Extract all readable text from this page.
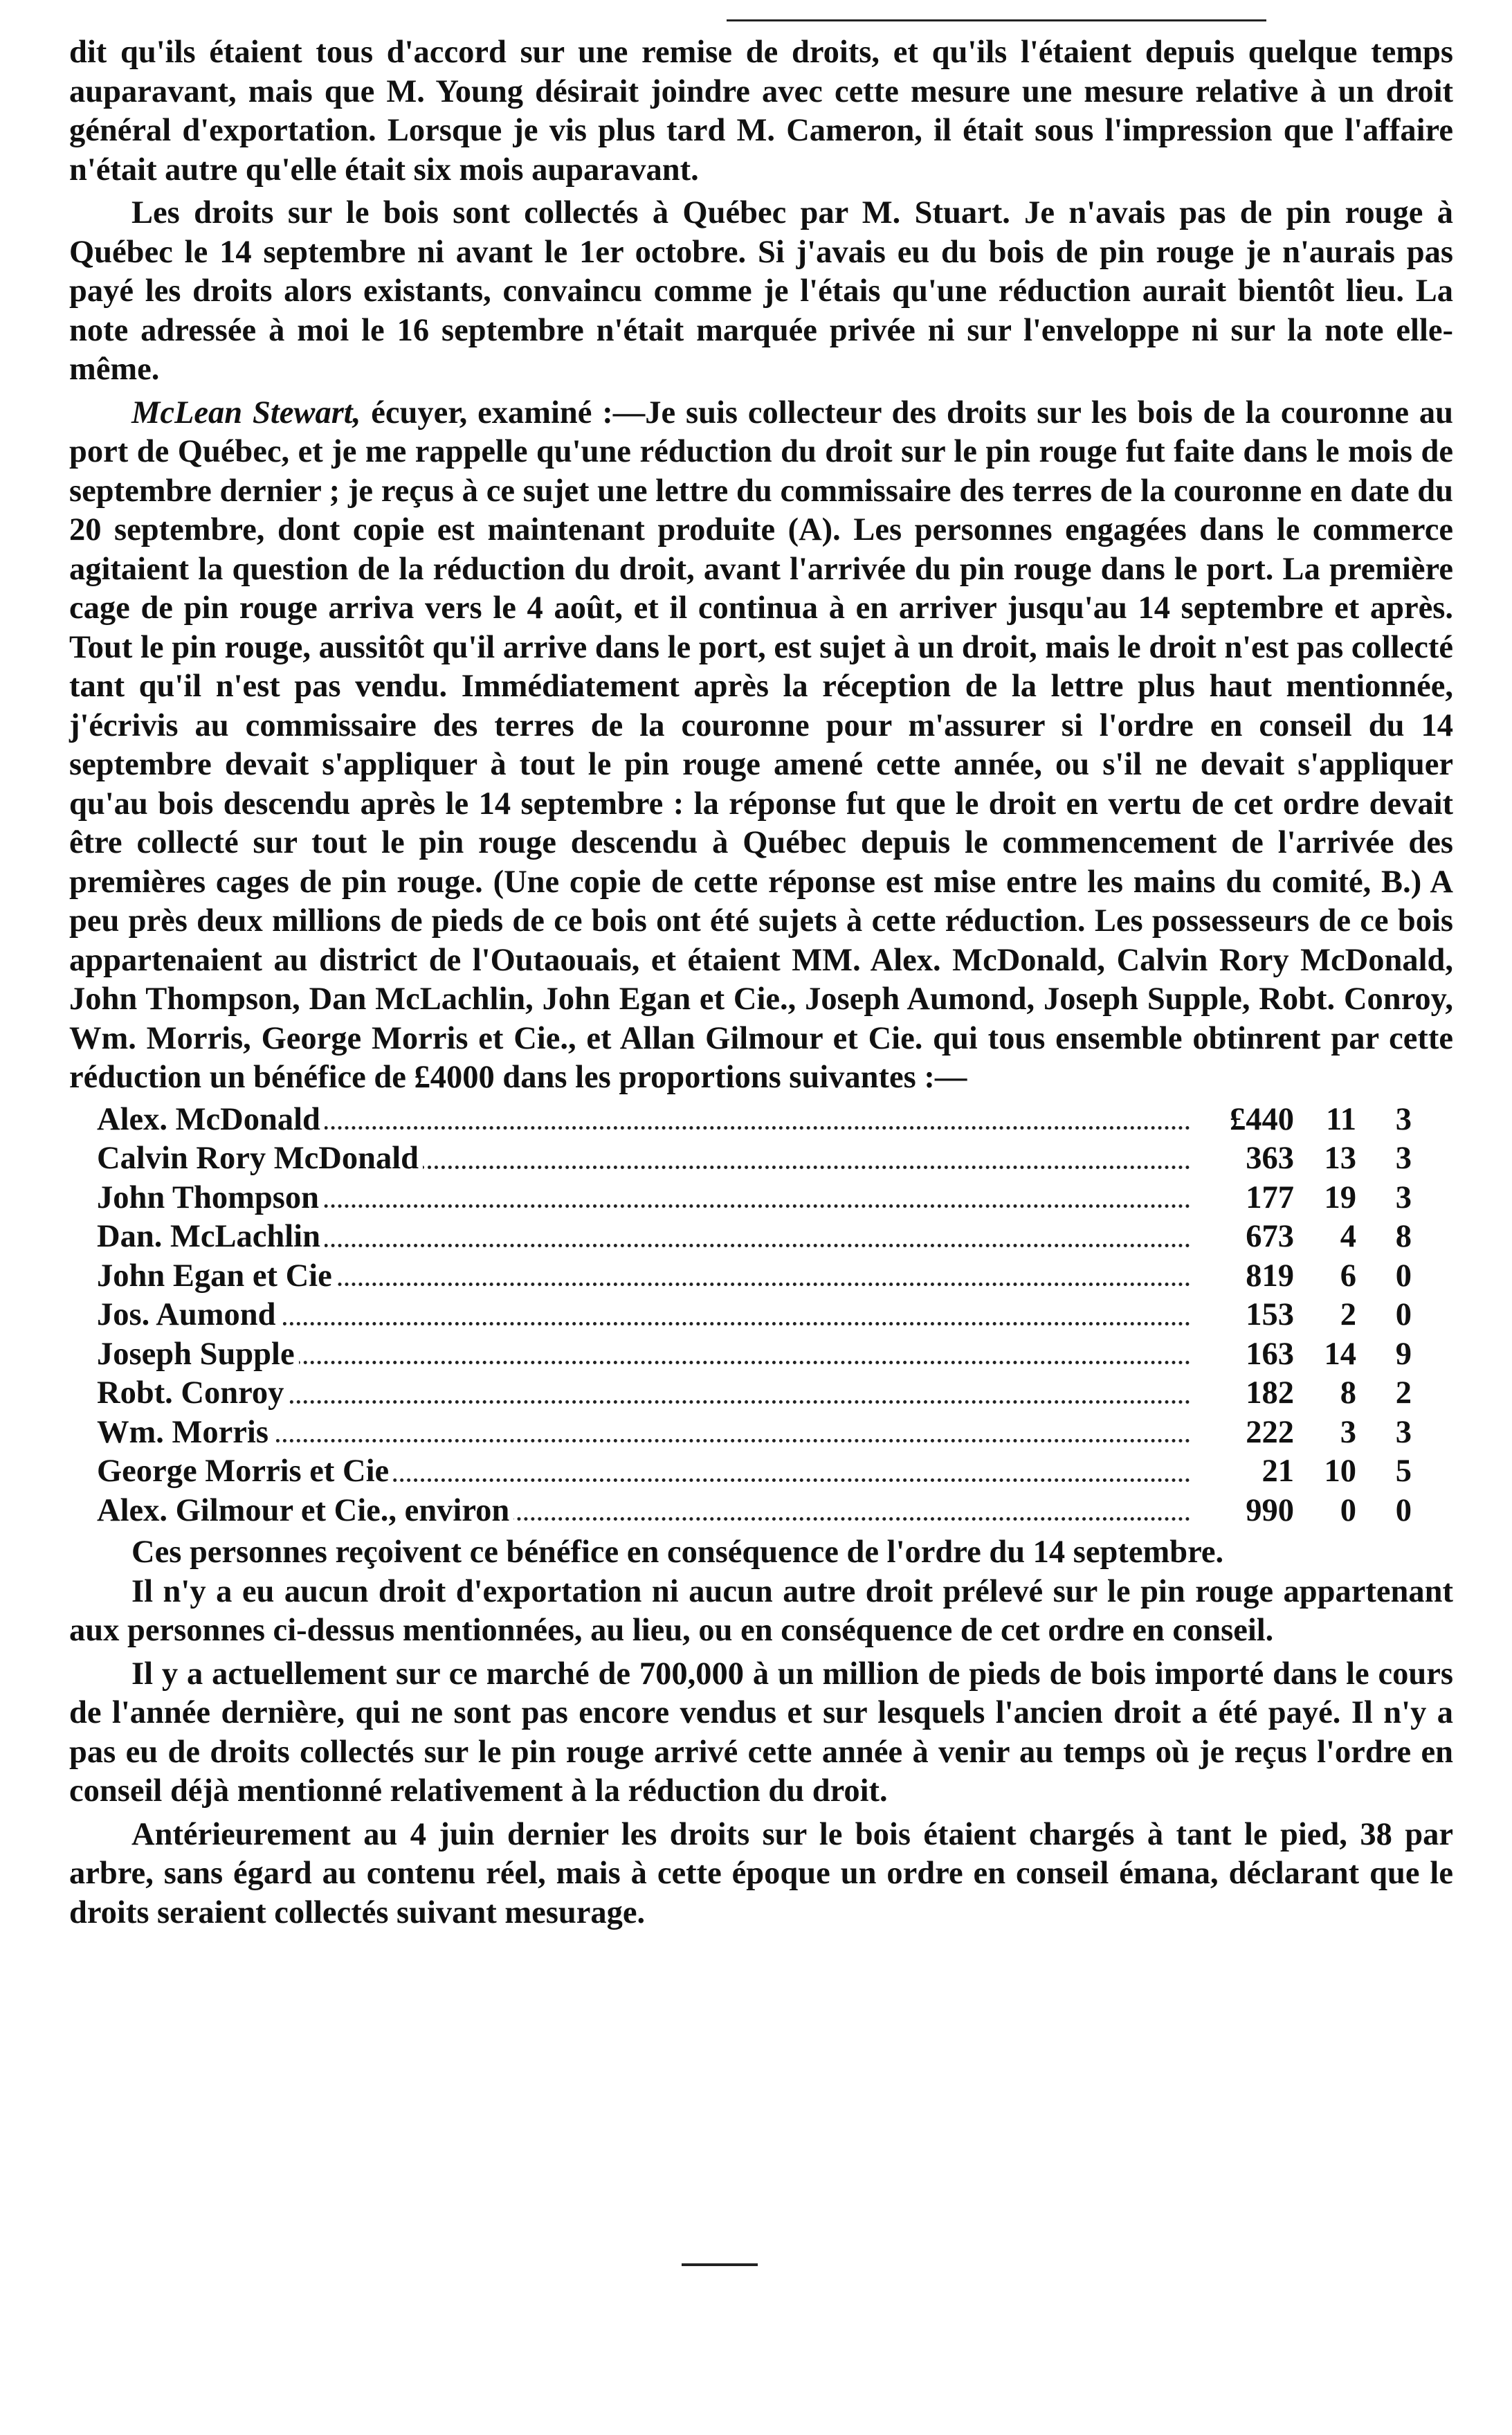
dit qu'ils étaient tous d'accord sur une remise de droits, et qu'ils l'étaient depuis quelque temps auparavant, mais que M. Young désirait joindre avec cette mesure une mesure relative à un droit général d'exportation. Lorsque je vis plus tard M. Cameron, il était sous l'impression que l'affaire n'était autre qu'elle était six mois auparavant.

Les droits sur le bois sont collectés à Québec par M. Stuart. Je n'avais pas de pin rouge à Québec le 14 septembre ni avant le 1er octobre. Si j'avais eu du bois de pin rouge je n'aurais pas payé les droits alors existants, convaincu comme je l'étais qu'une réduction aurait bientôt lieu. La note adressée à moi le 16 septembre n'était marquée privée ni sur l'enveloppe ni sur la note elle-même.

McLean Stewart, écuyer, examiné :—Je suis collecteur des droits sur les bois de la couronne au port de Québec, et je me rappelle qu'une réduction du droit sur le pin rouge fut faite dans le mois de septembre dernier ; je reçus à ce sujet une lettre du commissaire des terres de la couronne en date du 20 septembre, dont copie est maintenant produite (A). Les personnes engagées dans le commerce agitaient la question de la réduction du droit, avant l'arrivée du pin rouge dans le port. La première cage de pin rouge arriva vers le 4 août, et il continua à en arriver jusqu'au 14 septembre et après. Tout le pin rouge, aussitôt qu'il arrive dans le port, est sujet à un droit, mais le droit n'est pas collecté tant qu'il n'est pas vendu. Immédiatement après la réception de la lettre plus haut mentionnée, j'écrivis au commissaire des terres de la couronne pour m'assurer si l'ordre en conseil du 14 septembre devait s'appliquer à tout le pin rouge amené cette année, ou s'il ne devait s'appliquer qu'au bois descendu après le 14 septembre : la réponse fut que le droit en vertu de cet ordre devait être collecté sur tout le pin rouge descendu à Québec depuis le commencement de l'arrivée des premières cages de pin rouge. (Une copie de cette réponse est mise entre les mains du comité, B.) A peu près deux millions de pieds de ce bois ont été sujets à cette réduction. Les possesseurs de ce bois appartenaient au district de l'Outaouais, et étaient MM. Alex. McDonald, Calvin Rory McDonald, John Thompson, Dan McLachlin, John Egan et Cie., Joseph Aumond, Joseph Supple, Robt. Conroy, Wm. Morris, George Morris et Cie., et Allan Gilmour et Cie. qui tous ensemble obtinrent par cette réduction un bénéfice de £4000 dans les proportions suivantes :—

Alex. McDonald	£440	11	3
Calvin Rory McDonald	363	13	3
John Thompson	177	19	3
Dan. McLachlin	673	4	8
John Egan et Cie	819	6	0
Jos. Aumond	153	2	0
Joseph Supple	163	14	9
Robt. Conroy	182	8	2
Wm. Morris	222	3	3
George Morris et Cie	21	10	5
Alex. Gilmour et Cie., environ	990	0	0

Ces personnes reçoivent ce bénéfice en conséquence de l'ordre du 14 septembre.

Il n'y a eu aucun droit d'exportation ni aucun autre droit prélevé sur le pin rouge appartenant aux personnes ci-dessus mentionnées, au lieu, ou en conséquence de cet ordre en conseil.

Il y a actuellement sur ce marché de 700,000 à un million de pieds de bois importé dans le cours de l'année dernière, qui ne sont pas encore vendus et sur lesquels l'ancien droit a été payé. Il n'y a pas eu de droits collectés sur le pin rouge arrivé cette année à venir au temps où je reçus l'ordre en conseil déjà mentionné relativement à la réduction du droit.

Antérieurement au 4 juin dernier les droits sur le bois étaient chargés à tant le pied, 38 par arbre, sans égard au contenu réel, mais à cette époque un ordre en conseil émana, déclarant que le droits seraient collectés suivant mesurage.
